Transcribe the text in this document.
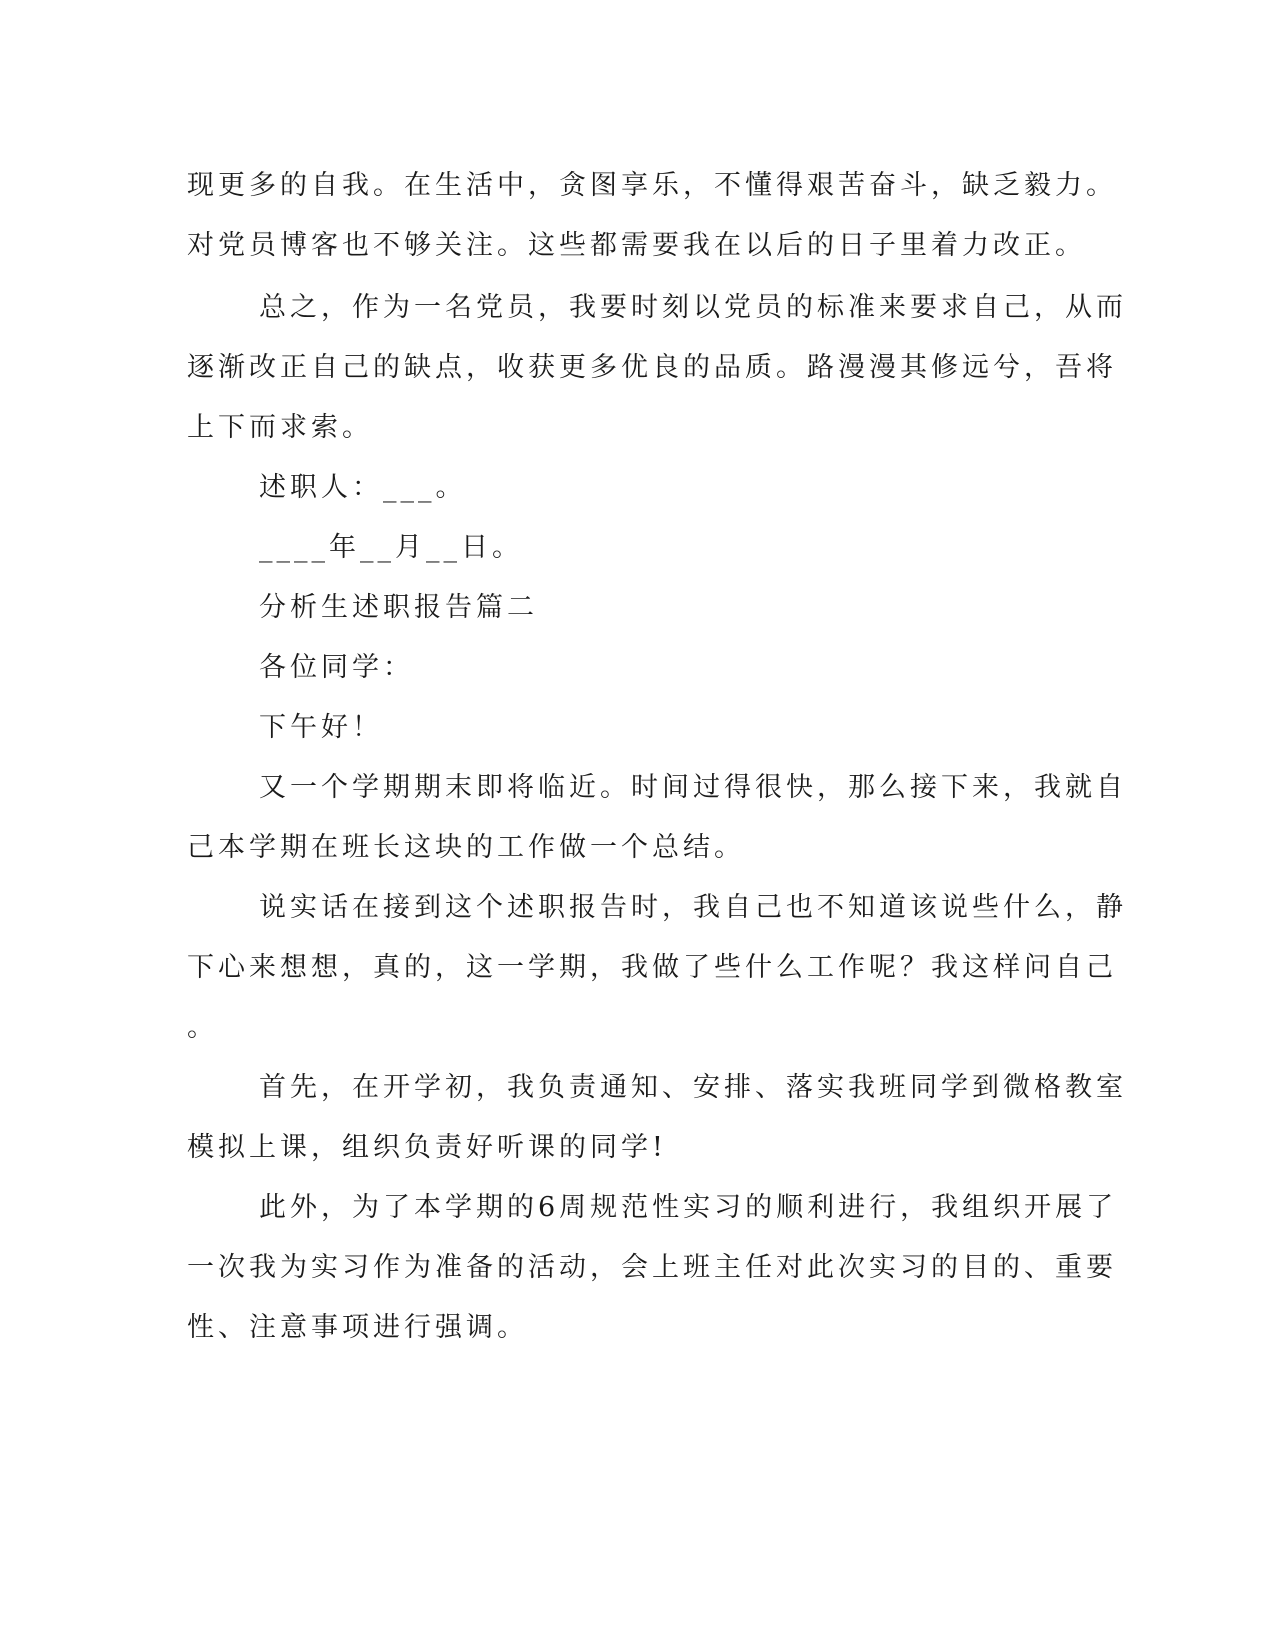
现更多的自我。在生活中，贪图享乐，不懂得艰苦奋斗，缺乏毅力。

对党员博客也不够关注。这些都需要我在以后的日子里着力改正。

总之，作为一名党员，我要时刻以党员的标准来要求自己，从而

逐渐改正自己的缺点，收获更多优良的品质。路漫漫其修远兮，吾将

上下而求索。

述职人：___。

____年__月__日。

分析生述职报告篇二

各位同学：

下午好！

又一个学期期末即将临近。时间过得很快，那么接下来，我就自

己本学期在班长这块的工作做一个总结。

说实话在接到这个述职报告时，我自己也不知道该说些什么，静

下心来想想，真的，这一学期，我做了些什么工作呢？我这样问自己

。

首先，在开学初，我负责通知、安排、落实我班同学到微格教室

模拟上课，组织负责好听课的同学!

此外，为了本学期的6周规范性实习的顺利进行，我组织开展了

一次我为实习作为准备的活动，会上班主任对此次实习的目的、重要

性、注意事项进行强调。
